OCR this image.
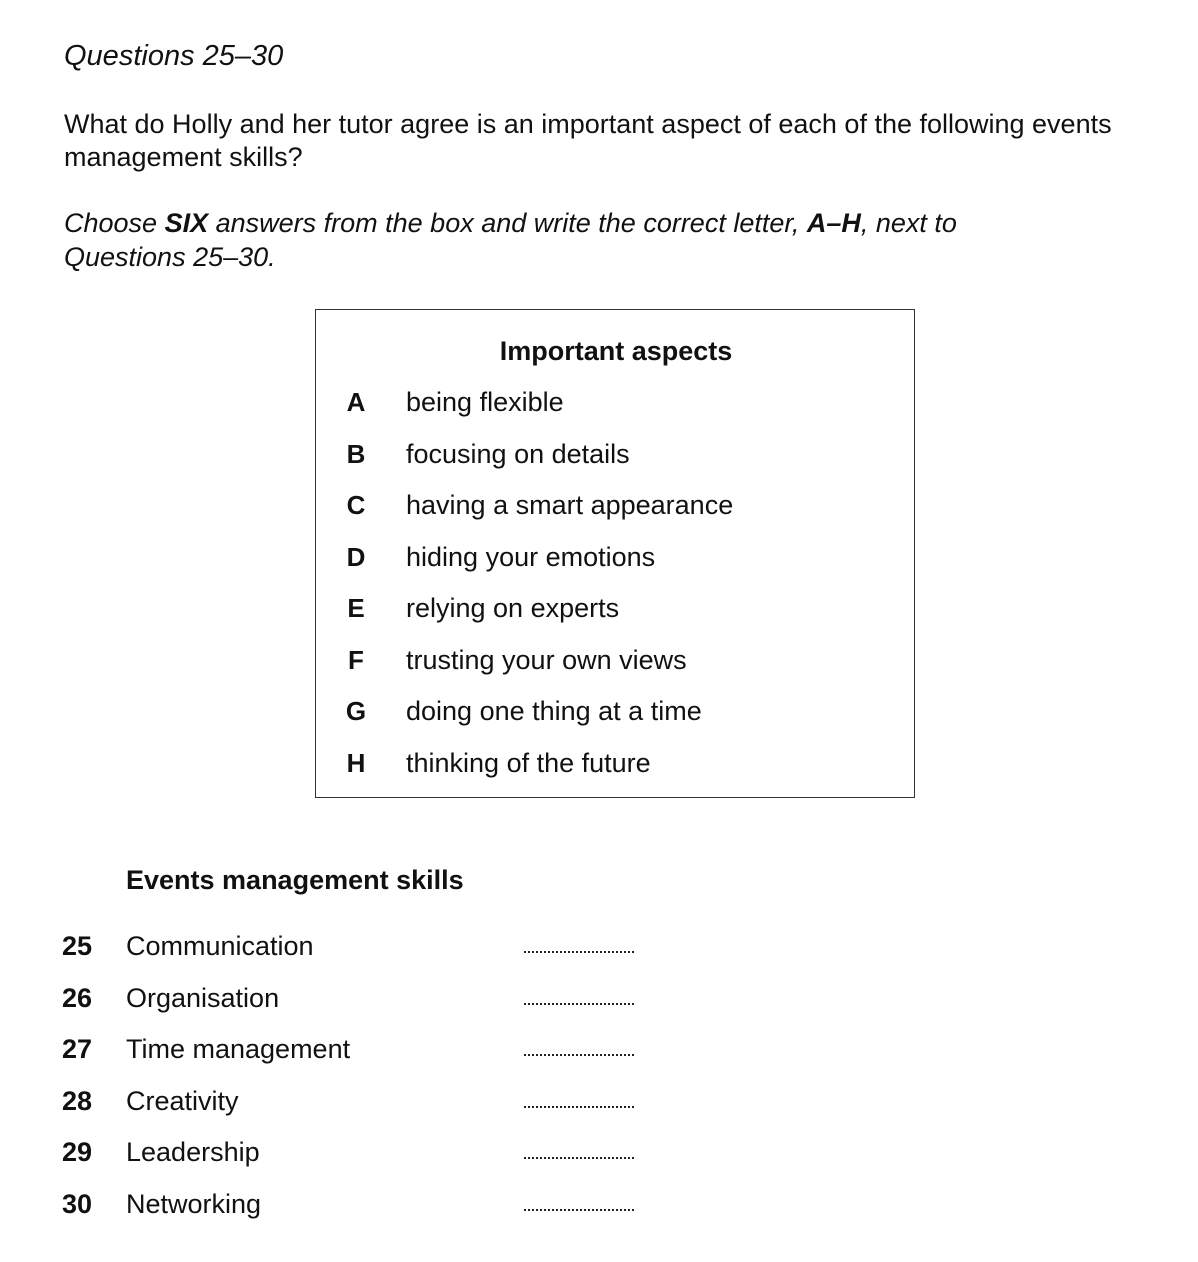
Questions 25–30

What do Holly and her tutor agree is an important aspect of each of the following events management skills?

Choose SIX answers from the box and write the correct letter, A–H, next to Questions 25–30.

Important aspects
A being flexible
B focusing on details
C having a smart appearance
D hiding your emotions
E relying on experts
F trusting your own views
G doing one thing at a time
H thinking of the future
Events management skills
25 Communication
26 Organisation
27 Time management
28 Creativity
29 Leadership
30 Networking
